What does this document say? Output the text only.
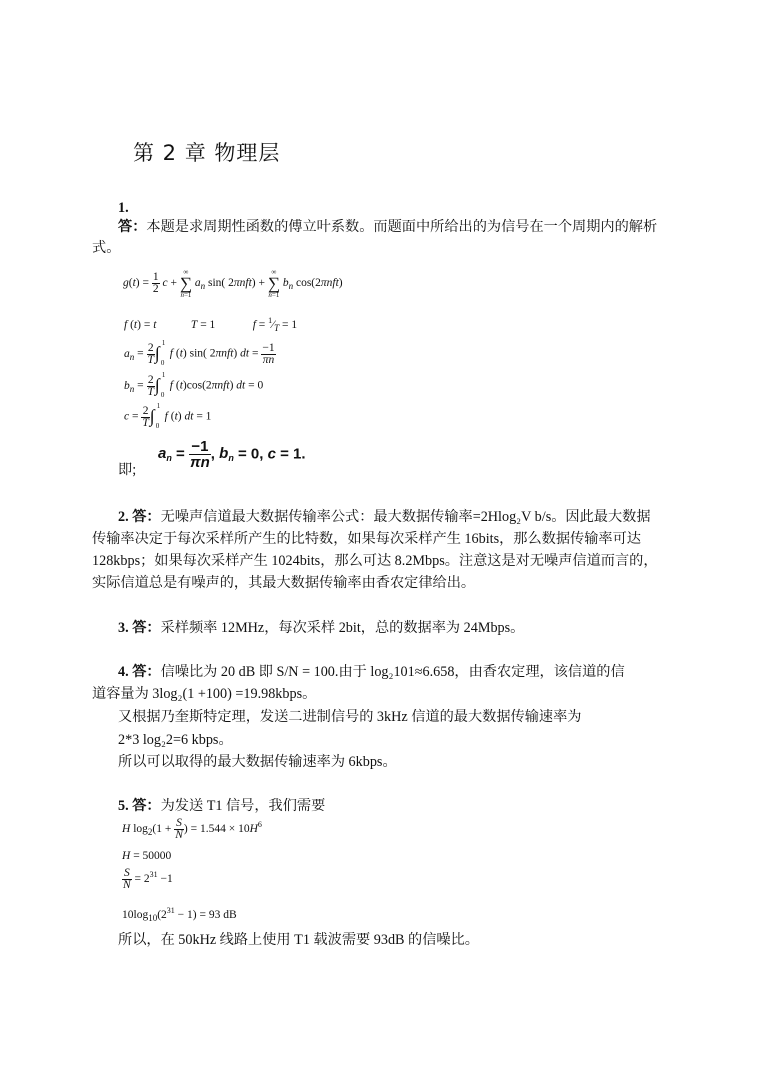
第 2 章 物理层
1.
答：本题是求周期性函数的傅立叶系数。而题面中所给出的为信号在一个周期内的解析
式。
$g(t) = \frac{1}{2}$ c +
∞
∑
n=1
$a_n$ sin( 2πnft) +
∞
∑
n=1
$b_n$ cos(2πnft)
f (t) = t	T = 1             $f = ^1⁄_T = 1$
$a_n = \frac{2}{T}$ ∫ 1
0
f (t) sin( 2πnft) dt = $\frac{-1}{\pi n}$
$b_n = \frac{2}{T}$ ∫ 1
0
f (t)cos(2πnft) dt = 0
$c = \frac{2}{T}$ ∫ 1
0
f (t) dt = 1
即;
$a_n = \frac{-1}{\pi n}$ , $b_n = 0$, c = 1.
2. 答：无噪声信道最大数据传输率公式：最大数据传输率=2Hlog₂V b/s。因此最大数据
传输率决定于每次采样所产生的比特数，如果每次采样产生 16bits，那么数据传输率可达
128kbps；如果每次采样产生 1024bits，那么可达 8.2Mbps。注意这是对无噪声信道而言的，
实际信道总是有噪声的，其最大数据传输率由香农定律给出。
3. 答：采样频率 12MHz，每次采样 2bit，总的数据率为 24Mbps。
4. 答：信噪比为 20 dB 即 S/N = 100.由于 log₂101≈6.658，由香农定理，该信道的信
道容量为 3log₂(1 +100) =19.98kbps。
又根据乃奎斯特定理，发送二进制信号的 3kHz 信道的最大数据传输速率为
2*3 log₂2=6 kbps。
所以可以取得的最大数据传输速率为 6kbps。
5. 答：为发送 T1 信号，我们需要
H $\log_2(1 + \frac{S}{N}$ ) = $1.544 \times 10H^6$
H = 50000
$\frac{S}{N} = 2^{31} -1$
$10\log_{10}(2^{31} - 1) = 93$ dB
所以，在 50kHz 线路上使用 T1 载波需要 93dB 的信噪比。
